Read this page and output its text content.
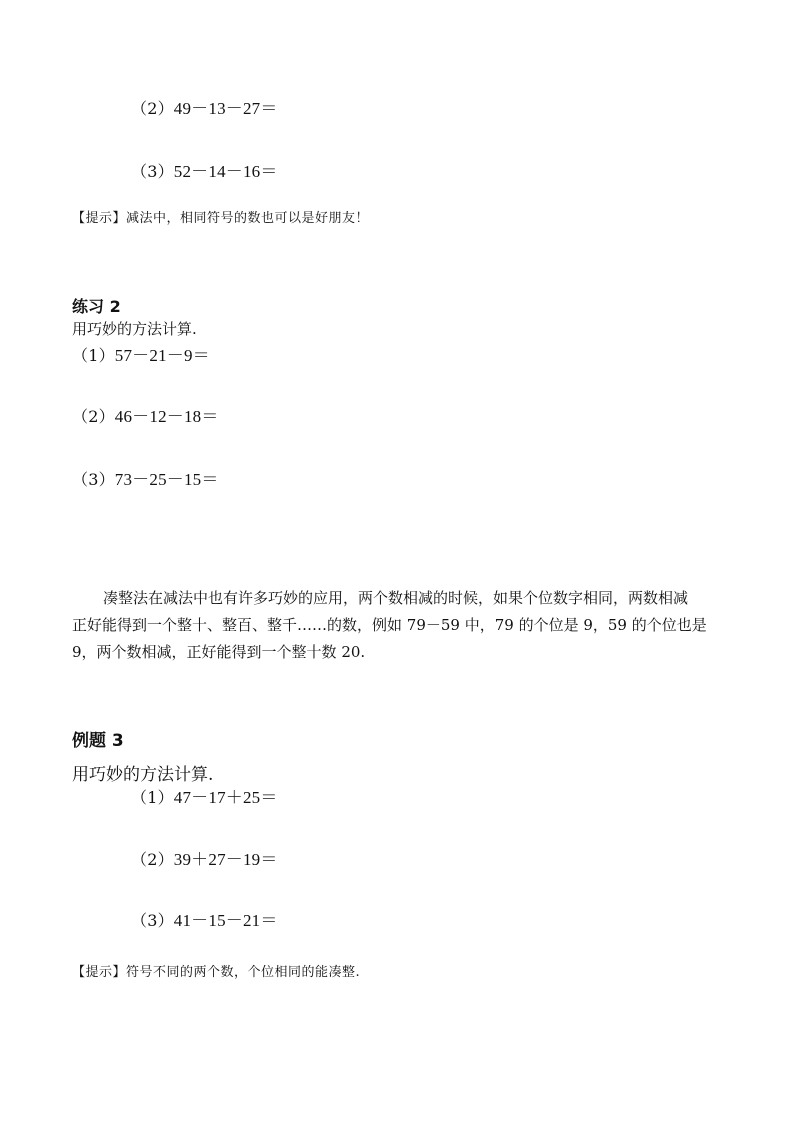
（2）49－13－27＝
（3）52－14－16＝
【提示】减法中，相同符号的数也可以是好朋友！
练习 2
用巧妙的方法计算.
（1）57－21－9＝
（2）46－12－18＝
（3）73－25－15＝
凑整法在减法中也有许多巧妙的应用，两个数相减的时候，如果个位数字相同，两数相减
正好能得到一个整十、整百、整千……的数，例如 79－59 中，79 的个位是 9，59 的个位也是
9，两个数相减，正好能得到一个整十数 20.
例题 3
用巧妙的方法计算.
（1）47－17＋25＝
（2）39＋27－19＝
（3）41－15－21＝
【提示】符号不同的两个数，个位相同的能凑整.
